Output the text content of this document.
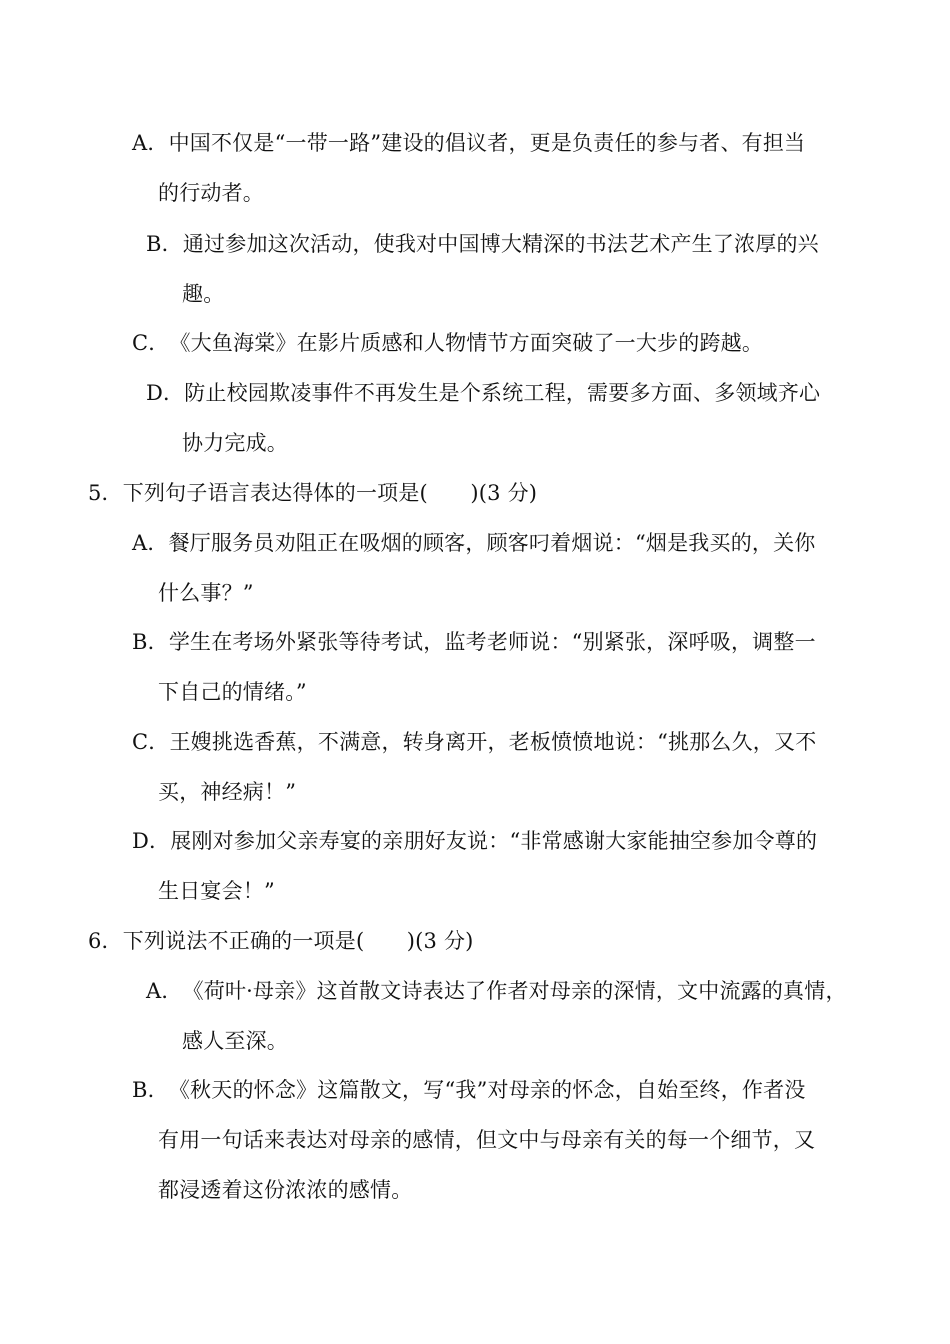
A．中国不仅是“一带一路”建设的倡议者，更是负责任的参与者、有担当
的行动者。
B．通过参加这次活动，使我对中国博大精深的书法艺术产生了浓厚的兴
趣。
C．《大鱼海棠》在影片质感和人物情节方面突破了一大步的跨越。
D．防止校园欺凌事件不再发生是个系统工程，需要多方面、多领域齐心
协力完成。
5．下列句子语言表达得体的一项是(　　)(3 分)
A．餐厅服务员劝阻正在吸烟的顾客，顾客叼着烟说：“烟是我买的，关你
什么事？”
B．学生在考场外紧张等待考试，监考老师说：“别紧张，深呼吸，调整一
下自己的情绪。”
C．王嫂挑选香蕉，不满意，转身离开，老板愤愤地说：“挑那么久，又不
买，神经病！”
D．展刚对参加父亲寿宴的亲朋好友说：“非常感谢大家能抽空参加令尊的
生日宴会！”
6．下列说法不正确的一项是(　　)(3 分)
A．《荷叶·母亲》这首散文诗表达了作者对母亲的深情，文中流露的真情，
感人至深。
B．《秋天的怀念》这篇散文，写“我”对母亲的怀念，自始至终，作者没
有用一句话来表达对母亲的感情，但文中与母亲有关的每一个细节，又
都浸透着这份浓浓的感情。
